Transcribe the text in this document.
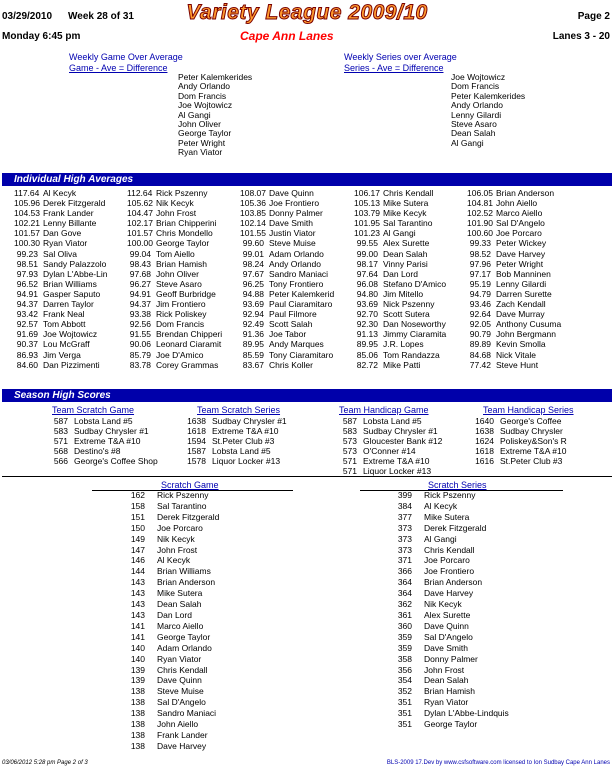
03/29/2010 Week 28 of 31	Variety League 2009/10	Page 2
Monday 6:45 pm	Cape Ann Lanes	Lanes 3 - 20
Weekly Game Over Average
Game - Ave = Difference
Peter Kalemkerides
Andy Orlando
Dom Francis
Joe Wojtowicz
Al Gangi
John Oliver
George Taylor
Peter Wright
Ryan Viator
Weekly Series over Average
Series - Ave = Difference
Joe Wojtowicz
Dom Francis
Peter Kalemkerides
Andy Orlando
Lenny Gilardi
Steve Asaro
Dean Salah
Al Gangi
Individual High Averages
117.64 Al Kecyk
105.96 Derek Fitzgerald
104.53 Frank Lander
102.21 Lenny Billante
101.57 Dan Gove
100.30 Ryan Viator
99.23 Sal Oliva
98.51 Sandy Palazzolo
97.93 Dylan L'Abbe-Lin
96.52 Brian Williams
94.91 Gasper Saputo
94.37 Darren Taylor
93.42 Frank Neal
92.57 Tom Abbott
91.69 Joe Wojtowicz
90.37 Lou McGraff
86.93 Jim Verga
84.60 Dan Pizzimenti
112.64 Rick Pszenny
105.62 Nik Kecyk
104.47 John Frost
102.17 Brian Chipperini
101.57 Chris Mondello
100.00 George Taylor
99.04 Tom Aiello
98.43 Brian Hamish
97.68 John Oliver
96.27 Steve Asaro
94.91 Geoff Burbridge
94.37 Jim Frontiero
93.38 Rick Poliskey
92.56 Dom Francis
91.55 Brendan Chipperi
90.06 Leonard Ciaramit
85.79 Joe D'Amico
83.78 Corey Grammas
108.07 Dave Quinn
105.36 Joe Frontiero
103.85 Donny Palmer
102.14 Dave Smith
101.55 Justin Viator
99.60 Steve Muise
99.01 Adam Orlando
98.24 Andy Orlando
97.67 Sandro Maniaci
96.25 Tony Frontiero
94.88 Peter Kalemkerid
93.69 Paul Ciaramitaro
92.94 Paul Filmore
92.49 Scott Salah
91.36 Joe Tabor
89.95 Andy Marques
85.59 Tony Ciaramitaro
83.67 Chris Koller
106.17 Chris Kendall
105.13 Mike Sutera
103.79 Mike Kecyk
101.95 Sal Tarantino
101.23 Al Gangi
99.55 Alex Surette
99.00 Dean Salah
98.17 Vinny Parisi
97.64 Dan Lord
96.08 Stefano D'Amico
94.80 Jim Mitello
93.69 Nick Pszenny
92.70 Scott Sutera
92.30 Dan Noseworthy
91.13 Jimmy Ciaramita
89.95 J.R. Lopes
85.06 Tom Randazza
82.72 Mike Patti
106.05 Brian Anderson
104.81 John Aiello
102.52 Marco Aiello
101.90 Sal D'Angelo
100.60 Joe Porcaro
99.33 Peter Wickey
98.52 Dave Harvey
97.96 Peter Wright
97.17 Bob Manninen
95.19 Lenny Gilardi
94.79 Darren Surette
93.46 Zach Kendall
92.64 Dave Murray
92.05 Anthony Cusuma
90.79 John Bergmann
89.89 Kevin Smolla
84.68 Nick Vitale
77.42 Steve Hunt
Season High Scores
Team Scratch Game	Team Scratch Series	Team Handicap Game	Team Handicap Series
587 Lobsta Land #5
583 Sudbay Chrysler #1
571 Extreme T&A #10
568 Destino's #8
566 George's Coffee Shop
1638 Sudbay Chrysler #1
1618 Extreme T&A #10
1594 St.Peter Club #3
1587 Lobsta Land #5
1578 Liquor Locker #13
587 Lobsta Land #5
583 Sudbay Chrysler #1
573 Gloucester Bank #12
573 O'Conner #14
571 Extreme T&A #10
571 Liquor Locker #13
1640 George's Coffee
1638 Sudbay Chrysler
1624 Poliskey&Son's R
1618 Extreme T&A #10
1616 St.Peter Club #3
Scratch Game	Scratch Series
162	Rick Pszenny
158	Sal Tarantino
151	Derek Fitzgerald
150	Joe Porcaro
149	Nik Kecyk
147	John Frost
146	Al Kecyk
144	Brian Williams
143	Brian Anderson
143	Mike Sutera
143	Dean Salah
143	Dan Lord
141	Marco Aiello
141	George Taylor
140	Adam Orlando
140	Ryan Viator
139	Chris Kendall
139	Dave Quinn
138	Steve Muise
138	Sal D'Angelo
138	Sandro Maniaci
138	John Aiello
138	Frank Lander
138	Dave Harvey
399	Rick Pszenny
384	Al Kecyk
377	Mike Sutera
373	Derek Fitzgerald
373	Al Gangi
373	Chris Kendall
371	Joe Porcaro
366	Joe Frontiero
364	Brian Anderson
364	Dave Harvey
362	Nik Kecyk
361	Alex Surette
360	Dave Quinn
359	Sal D'Angelo
359	Dave Smith
358	Donny Palmer
356	John Frost
354	Dean Salah
352	Brian Hamish
351	Ryan Viator
351	Dylan L'Abbe-Lindquis
351	George Taylor
03/06/2012 5:28 pm Page 2 of 3	BLS-2009 17.Dev by www.csfsoftware.com licensed to Ion Sudbay Cape Ann Lanes
